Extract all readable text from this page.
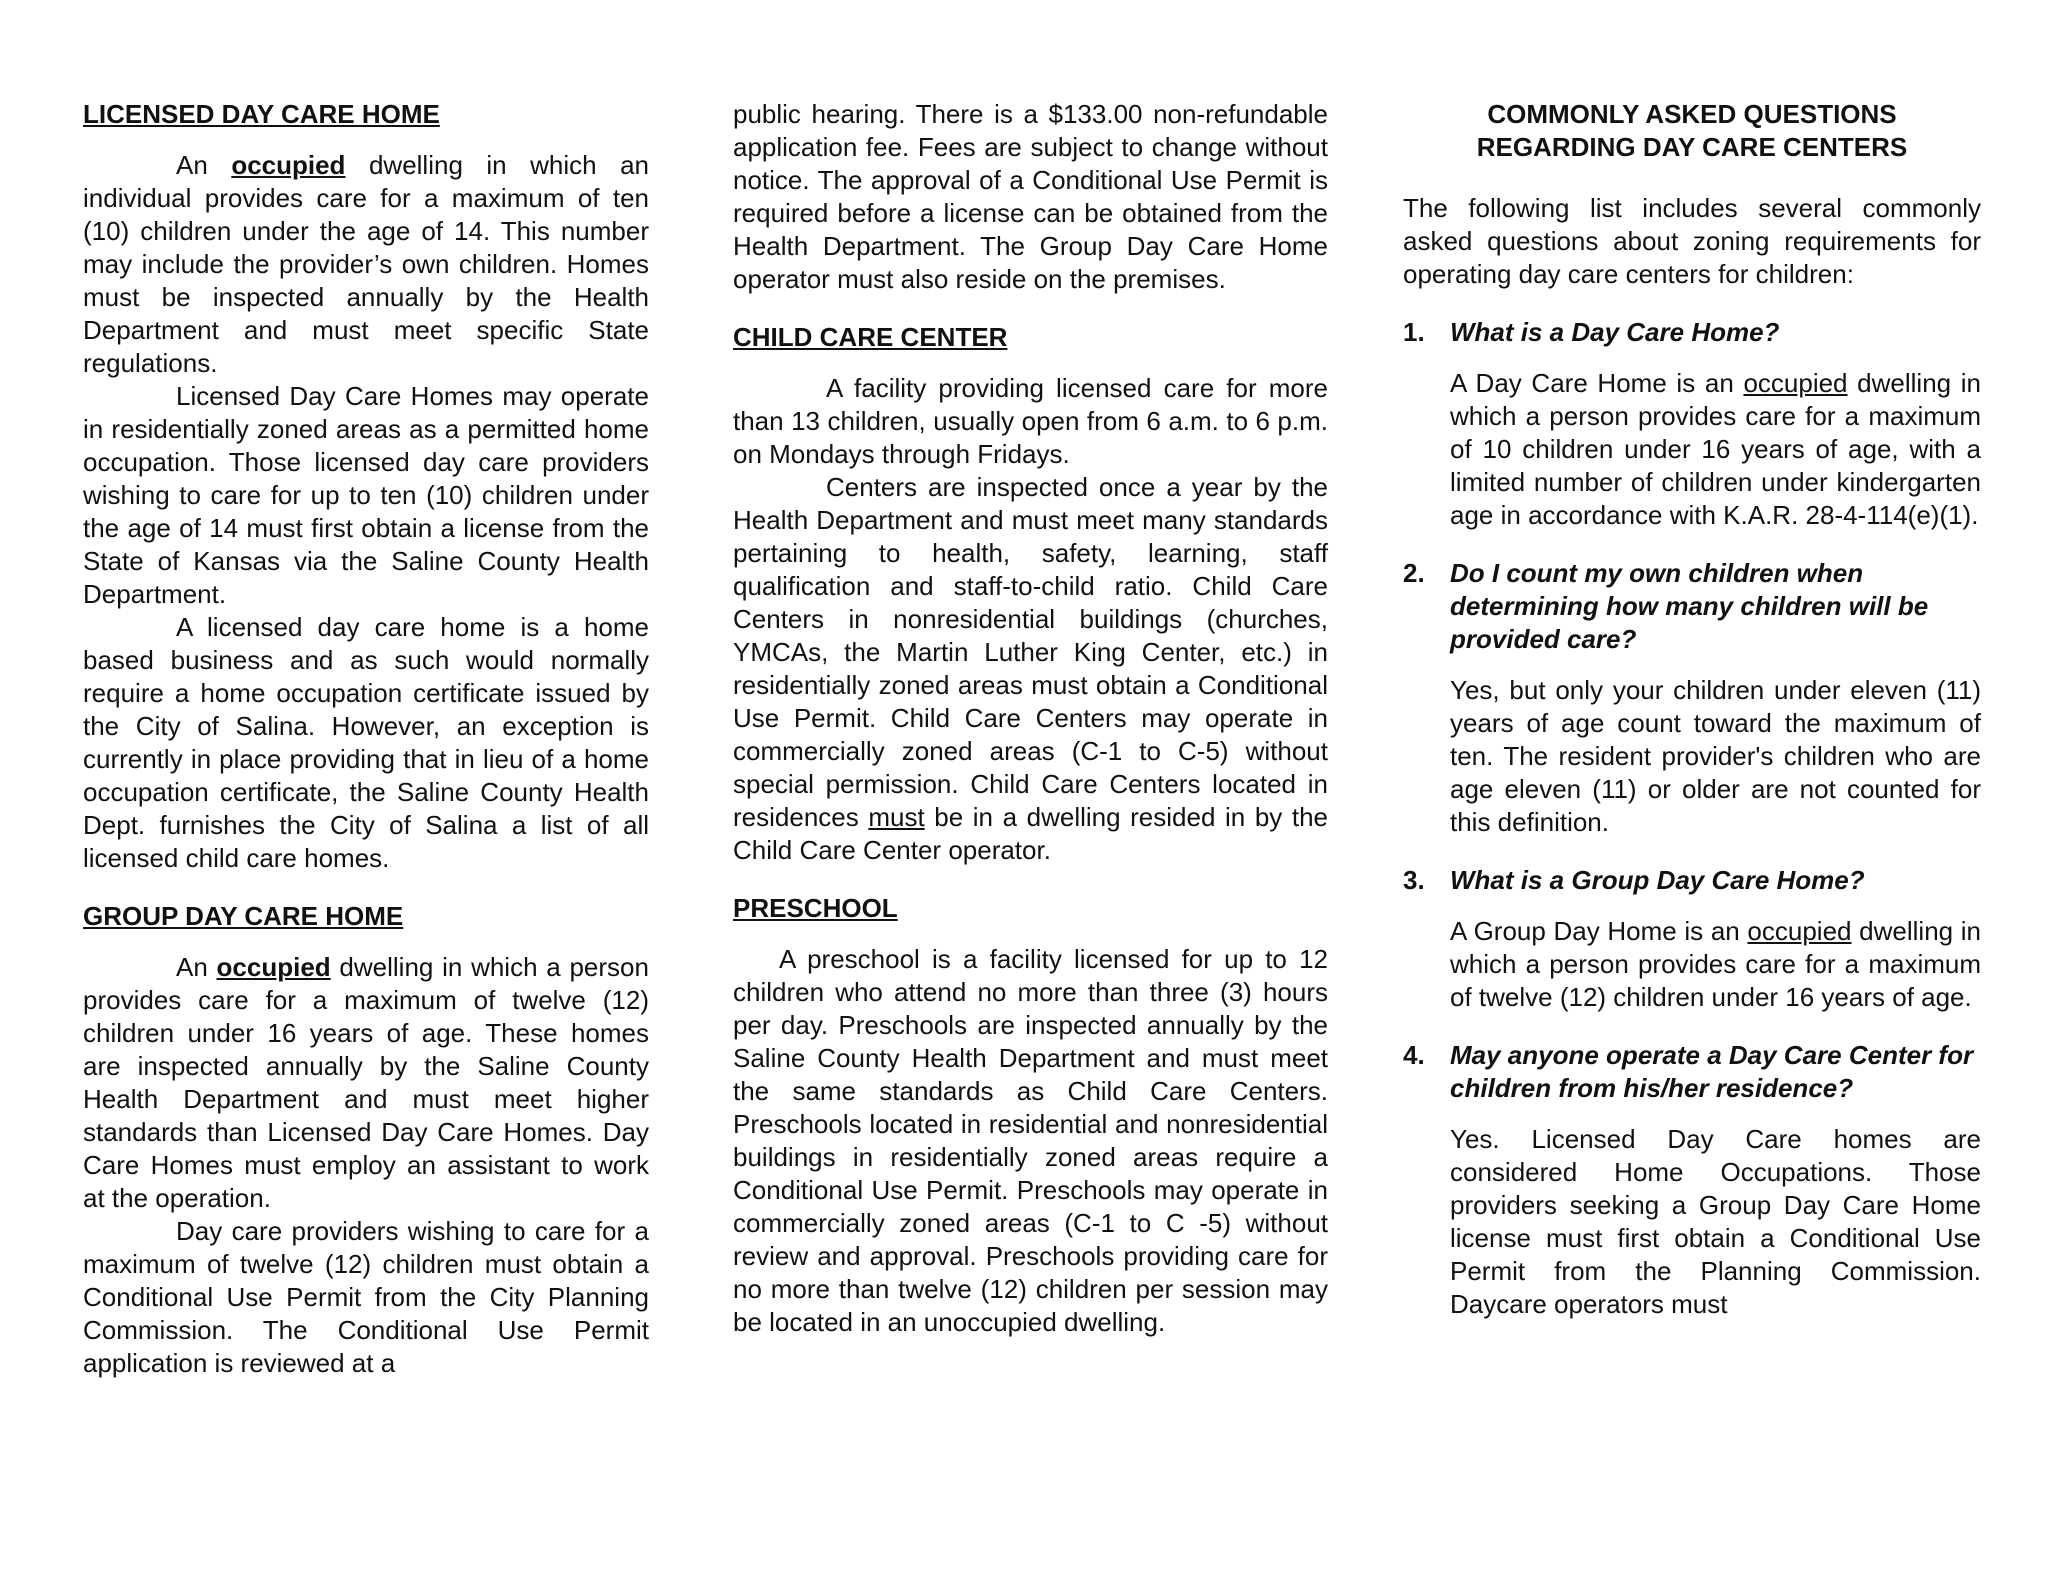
LICENSED DAY CARE HOME

An occupied dwelling in which an individual provides care for a maximum of ten (10) children under the age of 14. This number may include the provider’s own children. Homes must be inspected annually by the Health Department and must meet specific State regulations.

Licensed Day Care Homes may operate in residentially zoned areas as a permitted home occupation. Those licensed day care providers wishing to care for up to ten (10) children under the age of 14 must first obtain a license from the State of Kansas via the Saline County Health Department.

A licensed day care home is a home based business and as such would normally require a home occupation certificate issued by the City of Salina. However, an exception is currently in place providing that in lieu of a home occupation certificate, the Saline County Health Dept. furnishes the City of Salina a list of all licensed child care homes.

GROUP DAY CARE HOME

An occupied dwelling in which a person provides care for a maximum of twelve (12) children under 16 years of age. These homes are inspected annually by the Saline County Health Department and must meet higher standards than Licensed Day Care Homes. Day Care Homes must employ an assistant to work at the operation.

Day care providers wishing to care for a maximum of twelve (12) children must obtain a Conditional Use Permit from the City Planning Commission. The Conditional Use Permit application is reviewed at a

public hearing. There is a $133.00 non-refundable application fee. Fees are subject to change without notice. The approval of a Conditional Use Permit is required before a license can be obtained from the Health Department. The Group Day Care Home operator must also reside on the premises.

CHILD CARE CENTER

A facility providing licensed care for more than 13 children, usually open from 6 a.m. to 6 p.m. on Mondays through Fridays.

Centers are inspected once a year by the Health Department and must meet many standards pertaining to health, safety, learning, staff qualification and staff-to-child ratio. Child Care Centers in nonresidential buildings (churches, YMCAs, the Martin Luther King Center, etc.) in residentially zoned areas must obtain a Conditional Use Permit. Child Care Centers may operate in commercially zoned areas (C-1 to C-5) without special permission. Child Care Centers located in residences must be in a dwelling resided in by the Child Care Center operator.

PRESCHOOL

A preschool is a facility licensed for up to 12 children who attend no more than three (3) hours per day. Preschools are inspected annually by the Saline County Health Department and must meet the same standards as Child Care Centers. Preschools located in residential and nonresidential buildings in residentially zoned areas require a Conditional Use Permit. Preschools may operate in commercially zoned areas (C-1 to C -5) without review and approval. Preschools providing care for no more than twelve (12) children per session may be located in an unoccupied dwelling.

COMMONLY ASKED QUESTIONS
REGARDING DAY CARE CENTERS

The following list includes several commonly asked questions about zoning requirements for operating day care centers for children:

1. What is a Day Care Home?
A Day Care Home is an occupied dwelling in which a person provides care for a maximum of 10 children under 16 years of age, with a limited number of children under kindergarten age in accordance with K.A.R. 28-4-114(e)(1).
2. Do I count my own children when determining how many children will be provided care?
Yes, but only your children under eleven (11) years of age count toward the maximum of ten. The resident provider's children who are age eleven (11) or older are not counted for this definition.
3. What is a Group Day Care Home?
A Group Day Home is an occupied dwelling in which a person provides care for a maximum of twelve (12) children under 16 years of age.
4. May anyone operate a Day Care Center for children from his/her residence?
Yes. Licensed Day Care homes are considered Home Occupations. Those providers seeking a Group Day Care Home license must first obtain a Conditional Use Permit from the Planning Commission. Daycare operators must
